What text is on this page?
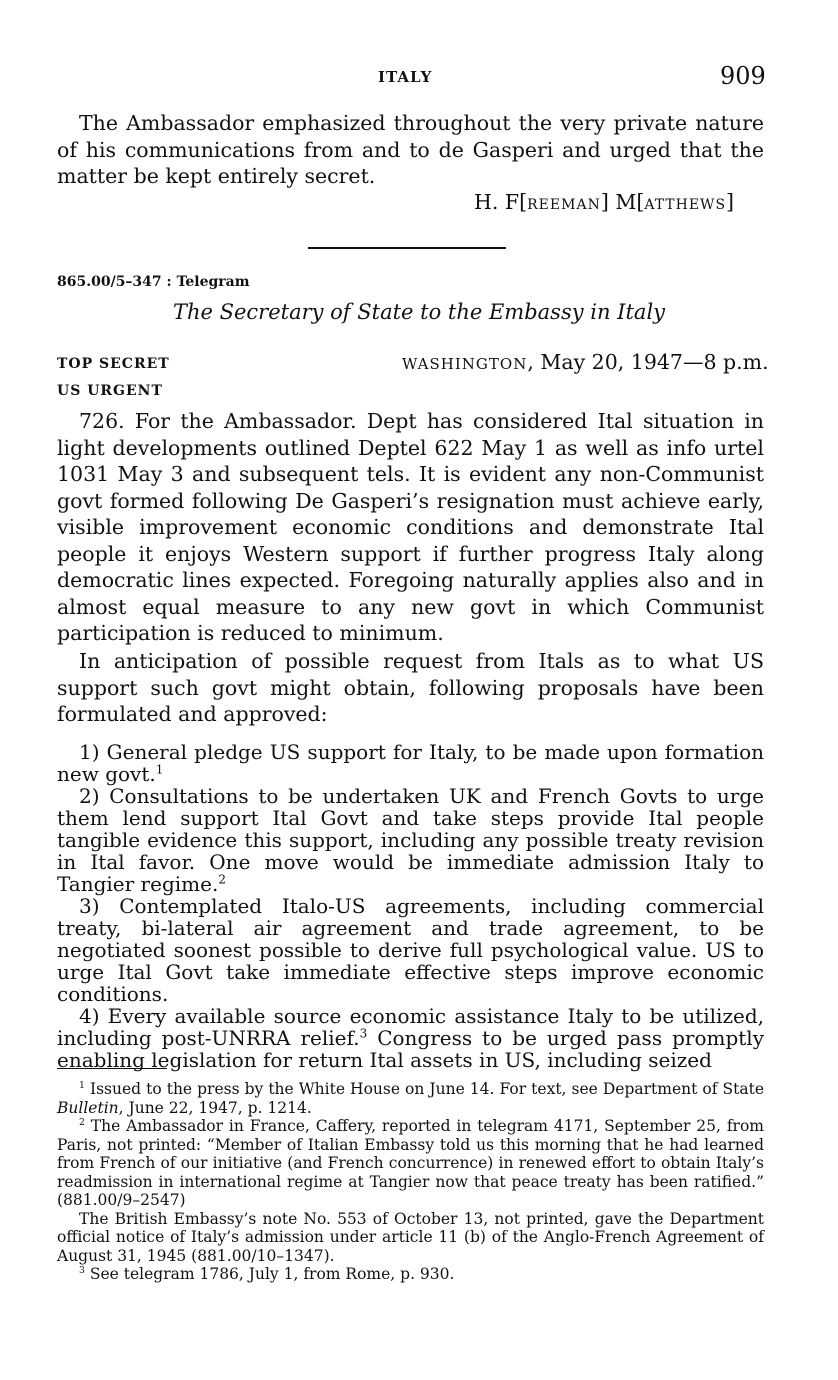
ITALY	909

The Ambassador emphasized throughout the very private nature of his communications from and to de Gasperi and urged that the matter be kept entirely secret.

H. F[REEMAN] M[ATTHEWS]
865.00/5–347 : Telegram
The Secretary of State to the Embassy in Italy
TOP SECRET
US URGENT
WASHINGTON, May 20, 1947—8 p.m.

726. For the Ambassador. Dept has considered Ital situation in light developments outlined Deptel 622 May 1 as well as info urtel 1031 May 3 and subsequent tels. It is evident any non-Communist govt formed following De Gasperi’s resignation must achieve early, visible improvement economic conditions and demonstrate Ital people it enjoys Western support if further progress Italy along democratic lines expected. Foregoing naturally applies also and in almost equal measure to any new govt in which Communist participation is reduced to minimum.

In anticipation of possible request from Itals as to what US support such govt might obtain, following proposals have been formulated and approved:

1) General pledge US support for Italy, to be made upon formation new govt.$^1$

2) Consultations to be undertaken UK and French Govts to urge them lend support Ital Govt and take steps provide Ital people tangible evidence this support, including any possible treaty revision in Ital favor. One move would be immediate admission Italy to Tangier regime.$^2$

3) Contemplated Italo-US agreements, including commercial treaty, bi-lateral air agreement and trade agreement, to be negotiated soonest possible to derive full psychological value. US to urge Ital Govt take immediate effective steps improve economic conditions.

4) Every available source economic assistance Italy to be utilized, including post-UNRRA relief.$^3$ Congress to be urged pass promptly enabling legislation for return Ital assets in US, including seized

$^1$ Issued to the press by the White House on June 14. For text, see Department of State Bulletin, June 22, 1947, p. 1214.

$^2$ The Ambassador in France, Caffery, reported in telegram 4171, September 25, from Paris, not printed: “Member of Italian Embassy told us this morning that he had learned from French of our initiative (and French concurrence) in renewed effort to obtain Italy’s readmission in international regime at Tangier now that peace treaty has been ratified.” (881.00/9–2547)

The British Embassy’s note No. 553 of October 13, not printed, gave the Department official notice of Italy’s admission under article 11 (b) of the Anglo-French Agreement of August 31, 1945 (881.00/10–1347).

$^3$ See telegram 1786, July 1, from Rome, p. 930.
